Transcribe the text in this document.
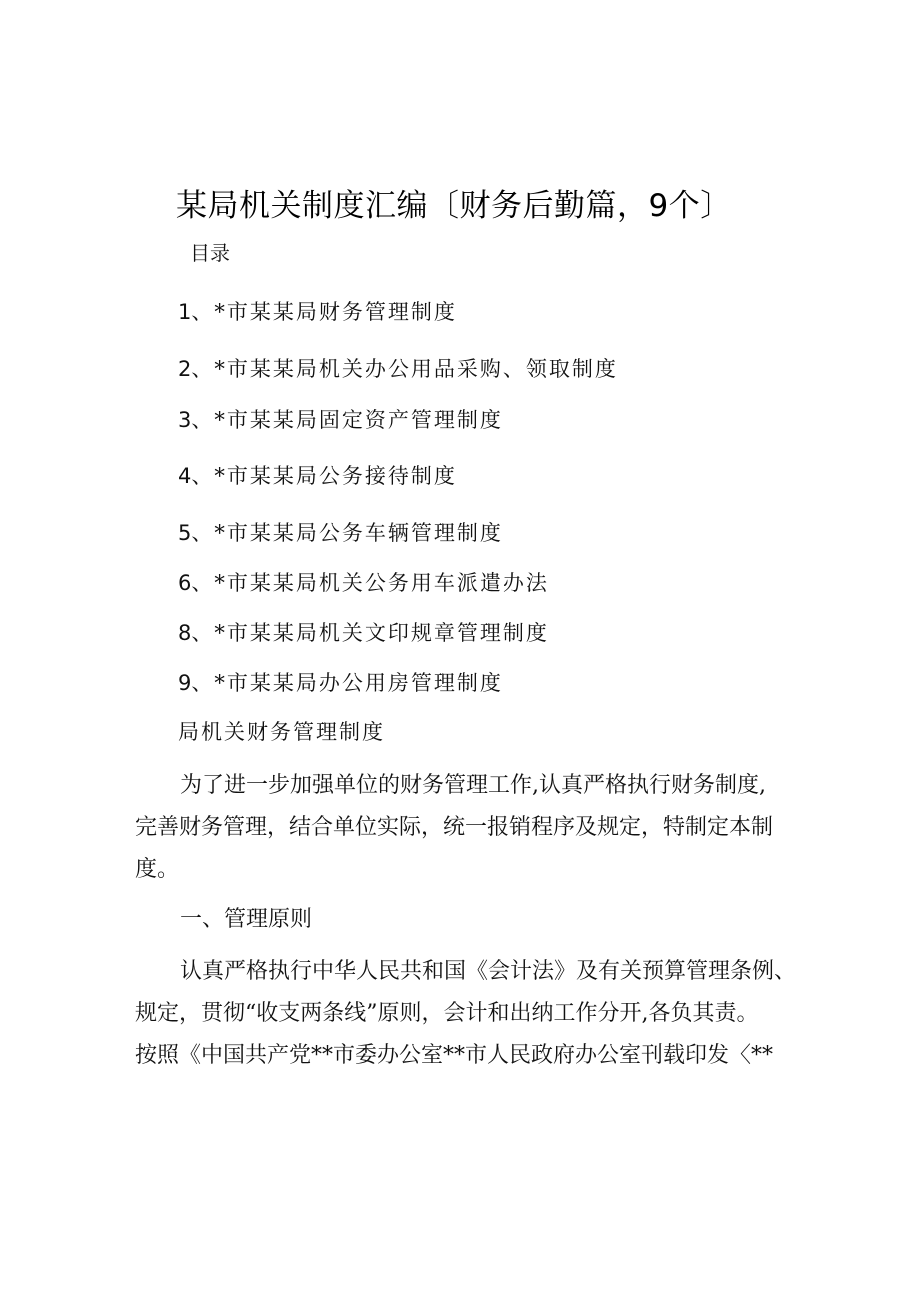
某局机关制度汇编〔财务后勤篇，9个〕
目录
1、*市某某局财务管理制度
2、*市某某局机关办公用品采购、领取制度
3、*市某某局固定资产管理制度
4、*市某某局公务接待制度
5、*市某某局公务车辆管理制度
6、*市某某局机关公务用车派遣办法
8、*市某某局机关文印规章管理制度
9、*市某某局办公用房管理制度
局机关财务管理制度
为了进一步加强单位的财务管理工作,认真严格执行财务制度,
完善财务管理，结合单位实际，统一报销程序及规定，特制定本制
度。
一、管理原则
认真严格执行中华人民共和国《会计法》及有关预算管理条例、
规定，贯彻“收支两条线”原则，会计和出纳工作分开,各负其责。
按照《中国共产党**市委办公室**市人民政府办公室刊载印发〈**
